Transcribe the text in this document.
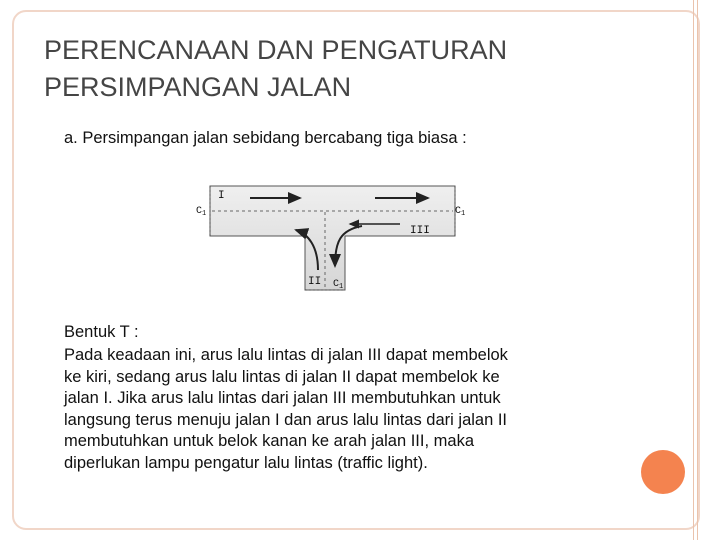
PERENCANAAN DAN PENGATURAN PERSIMPANGAN JALAN

a. Persimpangan jalan sebidang bercabang tiga biasa :

I
III
II
C 1	C 1
C 1

Bentuk T :

Pada keadaan ini, arus lalu lintas di jalan III dapat membelok
ke kiri, sedang arus lalu lintas di jalan II dapat membelok ke
jalan I. Jika arus lalu lintas dari jalan III membutuhkan untuk
langsung terus menuju jalan I dan arus lalu lintas dari jalan II
membutuhkan untuk belok kanan ke arah jalan III, maka
diperlukan lampu pengatur lalu lintas (traffic light).
